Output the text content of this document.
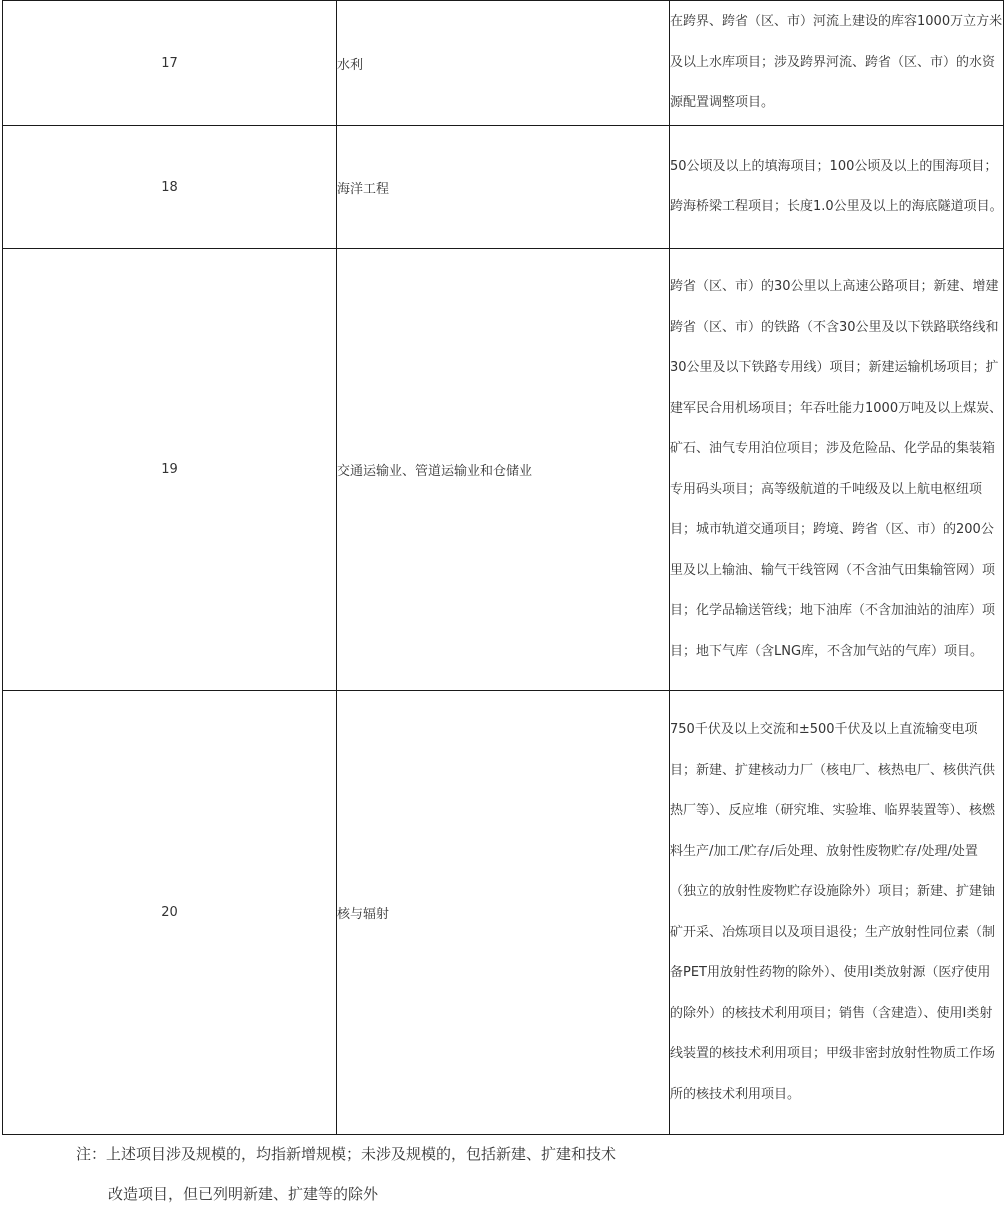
17	水利	在跨界、跨省（区、市）河流上建设的库容1000万立方米及以上水库项目；涉及跨界河流、跨省（区、市）的水资源配置调整项目。
18	海洋工程	50公顷及以上的填海项目；100公顷及以上的围海项目；跨海桥梁工程项目；长度1.0公里及以上的海底隧道项目。
19	交通运输业、管道运输业和仓储业	跨省（区、市）的30公里以上高速公路项目；新建、增建跨省（区、市）的铁路（不含30公里及以下铁路联络线和30公里及以下铁路专用线）项目；新建运输机场项目；扩建军民合用机场项目；年吞吐能力1000万吨及以上煤炭、矿石、油气专用泊位项目；涉及危险品、化学品的集装箱专用码头项目；高等级航道的千吨级及以上航电枢纽项目；城市轨道交通项目；跨境、跨省（区、市）的200公里及以上输油、输气干线管网（不含油气田集输管网）项目；化学品输送管线；地下油库（不含加油站的油库）项目；地下气库（含LNG库，不含加气站的气库）项目。
20	核与辐射	750千伏及以上交流和±500千伏及以上直流输变电项目；新建、扩建核动力厂（核电厂、核热电厂、核供汽供热厂等）、反应堆（研究堆、实验堆、临界装置等）、核燃料生产/加工/贮存/后处理、放射性废物贮存/处理/处置（独立的放射性废物贮存设施除外）项目；新建、扩建铀矿开采、冶炼项目以及项目退役；生产放射性同位素（制备PET用放射性药物的除外）、使用Ⅰ类放射源（医疗使用的除外）的核技术利用项目；销售（含建造）、使用Ⅰ类射线装置的核技术利用项目；甲级非密封放射性物质工作场所的核技术利用项目。
注：上述项目涉及规模的，均指新增规模；未涉及规模的，包括新建、扩建和技术
改造项目，但已列明新建、扩建等的除外
